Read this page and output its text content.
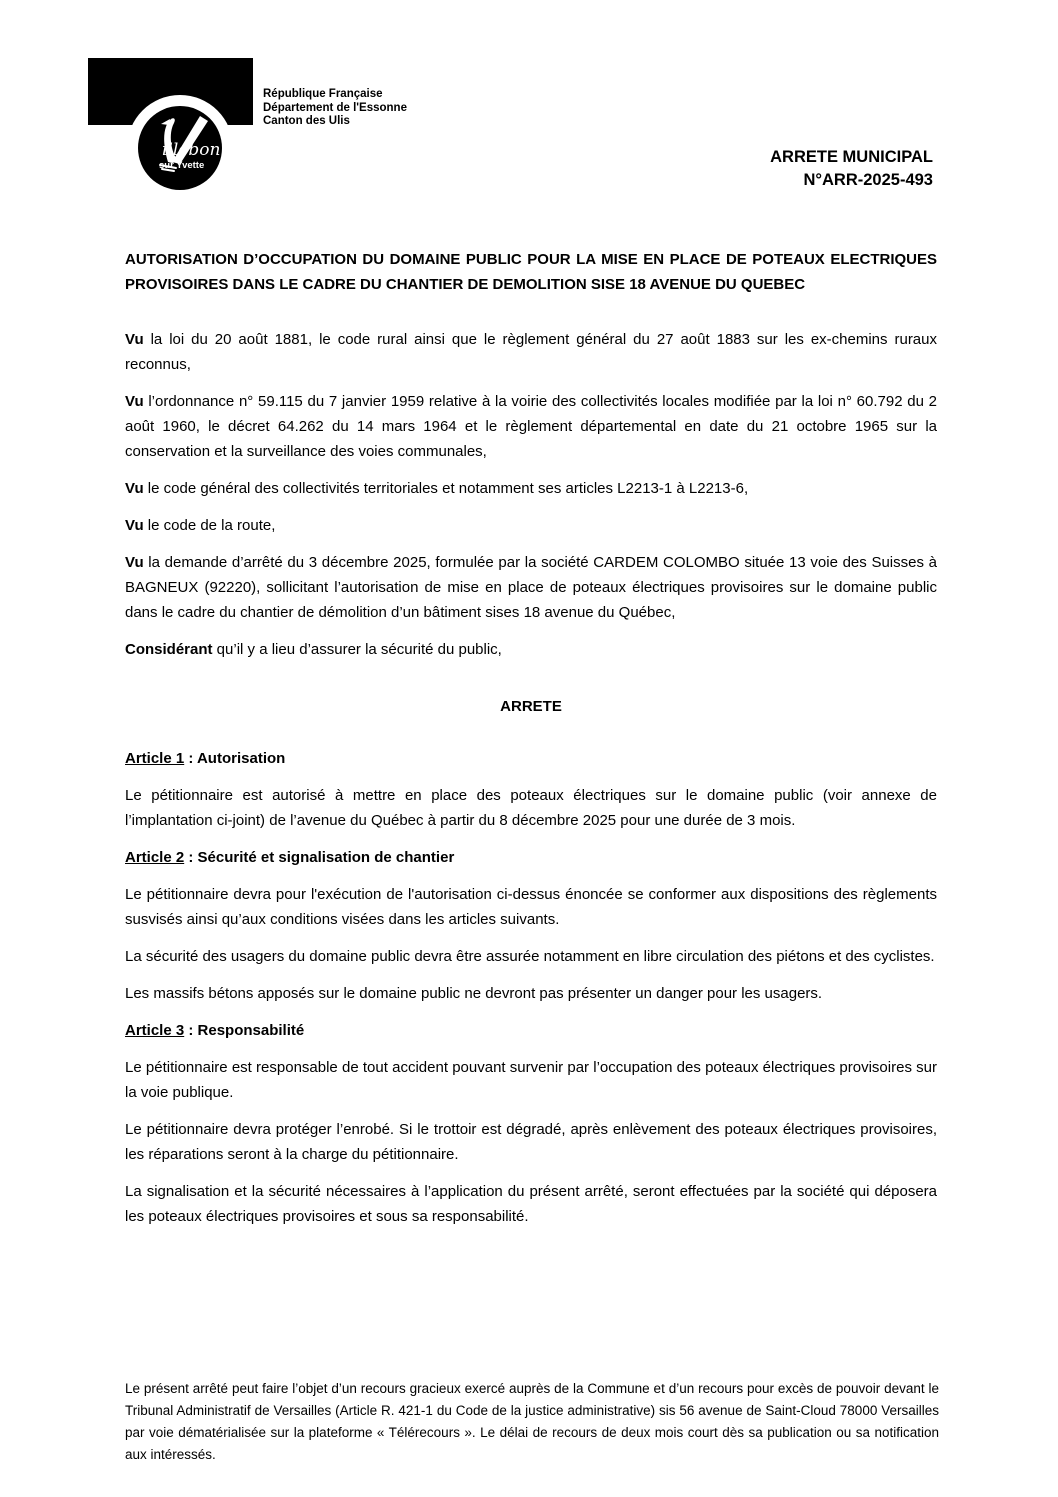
illebon
sur Yvette
République Française
Département de l'Essonne
Canton des Ulis
ARRETE MUNICIPAL
N°ARR-2025-493

AUTORISATION D’OCCUPATION DU DOMAINE PUBLIC POUR LA MISE EN PLACE DE POTEAUX ELECTRIQUES PROVISOIRES DANS LE CADRE DU CHANTIER DE DEMOLITION SISE 18 AVENUE DU QUEBEC

Vu la loi du 20 août 1881, le code rural ainsi que le règlement général du 27 août 1883 sur les ex-chemins ruraux reconnus,

Vu l’ordonnance n° 59.115 du 7 janvier 1959 relative à la voirie des collectivités locales modifiée par la loi n° 60.792 du 2 août 1960, le décret 64.262 du 14 mars 1964 et le règlement départemental en date du 21 octobre 1965 sur la conservation et la surveillance des voies communales,

Vu le code général des collectivités territoriales et notamment ses articles L2213-1 à L2213-6,

Vu le code de la route,

Vu la demande d’arrêté du 3 décembre 2025, formulée par la société CARDEM COLOMBO située 13 voie des Suisses à BAGNEUX (92220), sollicitant l’autorisation de mise en place de poteaux électriques provisoires sur le domaine public dans le cadre du chantier de démolition d’un bâtiment sises 18 avenue du Québec,

Considérant qu’il y a lieu d’assurer la sécurité du public,

ARRETE

Article 1 : Autorisation

Le pétitionnaire est autorisé à mettre en place des poteaux électriques sur le domaine public (voir annexe de l’implantation ci-joint) de l’avenue du Québec à partir du 8 décembre 2025 pour une durée de 3 mois.

Article 2 : Sécurité et signalisation de chantier

Le pétitionnaire devra pour l'exécution de l'autorisation ci-dessus énoncée se conformer aux dispositions des règlements susvisés ainsi qu’aux conditions visées dans les articles suivants.

La sécurité des usagers du domaine public devra être assurée notamment en libre circulation des piétons et des cyclistes.

Les massifs bétons apposés sur le domaine public ne devront pas présenter un danger pour les usagers.

Article 3 : Responsabilité

Le pétitionnaire est responsable de tout accident pouvant survenir par l’occupation des poteaux électriques provisoires sur la voie publique.

Le pétitionnaire devra protéger l’enrobé. Si le trottoir est dégradé, après enlèvement des poteaux électriques provisoires, les réparations seront à la charge du pétitionnaire.

La signalisation et la sécurité nécessaires à l’application du présent arrêté, seront effectuées par la société qui déposera les poteaux électriques provisoires et sous sa responsabilité.

Le présent arrêté peut faire l’objet d’un recours gracieux exercé auprès de la Commune et d’un recours pour excès de pouvoir devant le Tribunal Administratif de Versailles (Article R. 421-1 du Code de la justice administrative) sis 56 avenue de Saint-Cloud 78000 Versailles par voie dématérialisée sur la plateforme « Télérecours ». Le délai de recours de deux mois court dès sa publication ou sa notification aux intéressés.
